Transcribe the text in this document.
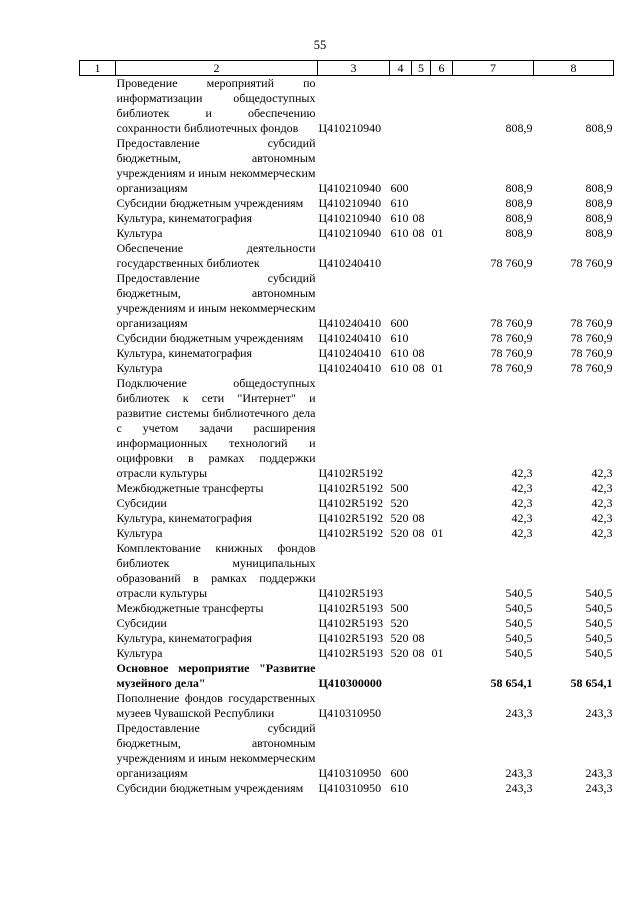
55
1	2	3	4	5	6	7	8
	Проведение мероприятий по информатизации общедоступных библиотек и обеспечению сохранности библиотечных фондов	Ц410210940				808,9	808,9
	Предоставление субсидий бюджетным, автономным учреждениям и иным некоммерческим организациям	Ц410210940	600			808,9	808,9
	Субсидии бюджетным учреждениям	Ц410210940	610			808,9	808,9
	Культура, кинематография	Ц410210940	610	08		808,9	808,9
	Культура	Ц410210940	610	08	01	808,9	808,9
	Обеспечение деятельности государственных библиотек	Ц410240410				78 760,9	78 760,9
	Предоставление субсидий бюджетным, автономным учреждениям и иным некоммерческим организациям	Ц410240410	600			78 760,9	78 760,9
	Субсидии бюджетным учреждениям	Ц410240410	610			78 760,9	78 760,9
	Культура, кинематография	Ц410240410	610	08		78 760,9	78 760,9
	Культура	Ц410240410	610	08	01	78 760,9	78 760,9
	Подключение общедоступных библиотек к сети "Интернет" и развитие системы библиотечного дела с учетом задачи расширения информационных технологий и оцифровки в рамках поддержки отрасли культуры	Ц4102R5192				42,3	42,3
	Межбюджетные трансферты	Ц4102R5192	500			42,3	42,3
	Субсидии	Ц4102R5192	520			42,3	42,3
	Культура, кинематография	Ц4102R5192	520	08		42,3	42,3
	Культура	Ц4102R5192	520	08	01	42,3	42,3
	Комплектование книжных фондов библиотек муниципальных образований в рамках поддержки отрасли культуры	Ц4102R5193				540,5	540,5
	Межбюджетные трансферты	Ц4102R5193	500			540,5	540,5
	Субсидии	Ц4102R5193	520			540,5	540,5
	Культура, кинематография	Ц4102R5193	520	08		540,5	540,5
	Культура	Ц4102R5193	520	08	01	540,5	540,5
	Основное мероприятие "Развитие музейного дела"	Ц410300000				58 654,1	58 654,1
	Пополнение фондов государственных музеев Чувашской Республики	Ц410310950				243,3	243,3
	Предоставление субсидий бюджетным, автономным учреждениям и иным некоммерческим организациям	Ц410310950	600			243,3	243,3
	Субсидии бюджетным учреждениям	Ц410310950	610			243,3	243,3
